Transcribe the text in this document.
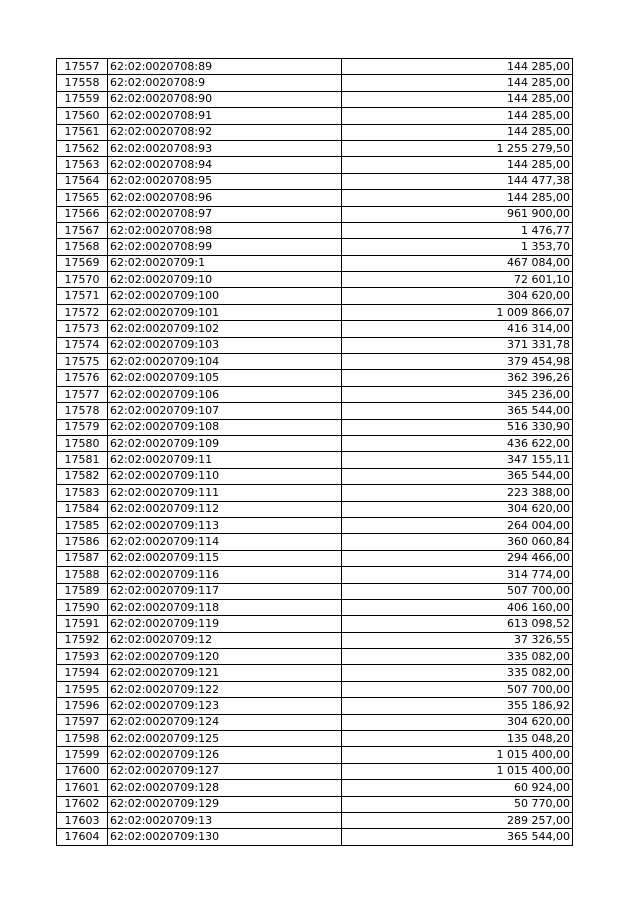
17557	62:02:0020708:89	144 285,00
17558	62:02:0020708:9	144 285,00
17559	62:02:0020708:90	144 285,00
17560	62:02:0020708:91	144 285,00
17561	62:02:0020708:92	144 285,00
17562	62:02:0020708:93	1 255 279,50
17563	62:02:0020708:94	144 285,00
17564	62:02:0020708:95	144 477,38
17565	62:02:0020708:96	144 285,00
17566	62:02:0020708:97	961 900,00
17567	62:02:0020708:98	1 476,77
17568	62:02:0020708:99	1 353,70
17569	62:02:0020709:1	467 084,00
17570	62:02:0020709:10	72 601,10
17571	62:02:0020709:100	304 620,00
17572	62:02:0020709:101	1 009 866,07
17573	62:02:0020709:102	416 314,00
17574	62:02:0020709:103	371 331,78
17575	62:02:0020709:104	379 454,98
17576	62:02:0020709:105	362 396,26
17577	62:02:0020709:106	345 236,00
17578	62:02:0020709:107	365 544,00
17579	62:02:0020709:108	516 330,90
17580	62:02:0020709:109	436 622,00
17581	62:02:0020709:11	347 155,11
17582	62:02:0020709:110	365 544,00
17583	62:02:0020709:111	223 388,00
17584	62:02:0020709:112	304 620,00
17585	62:02:0020709:113	264 004,00
17586	62:02:0020709:114	360 060,84
17587	62:02:0020709:115	294 466,00
17588	62:02:0020709:116	314 774,00
17589	62:02:0020709:117	507 700,00
17590	62:02:0020709:118	406 160,00
17591	62:02:0020709:119	613 098,52
17592	62:02:0020709:12	37 326,55
17593	62:02:0020709:120	335 082,00
17594	62:02:0020709:121	335 082,00
17595	62:02:0020709:122	507 700,00
17596	62:02:0020709:123	355 186,92
17597	62:02:0020709:124	304 620,00
17598	62:02:0020709:125	135 048,20
17599	62:02:0020709:126	1 015 400,00
17600	62:02:0020709:127	1 015 400,00
17601	62:02:0020709:128	60 924,00
17602	62:02:0020709:129	50 770,00
17603	62:02:0020709:13	289 257,00
17604	62:02:0020709:130	365 544,00
